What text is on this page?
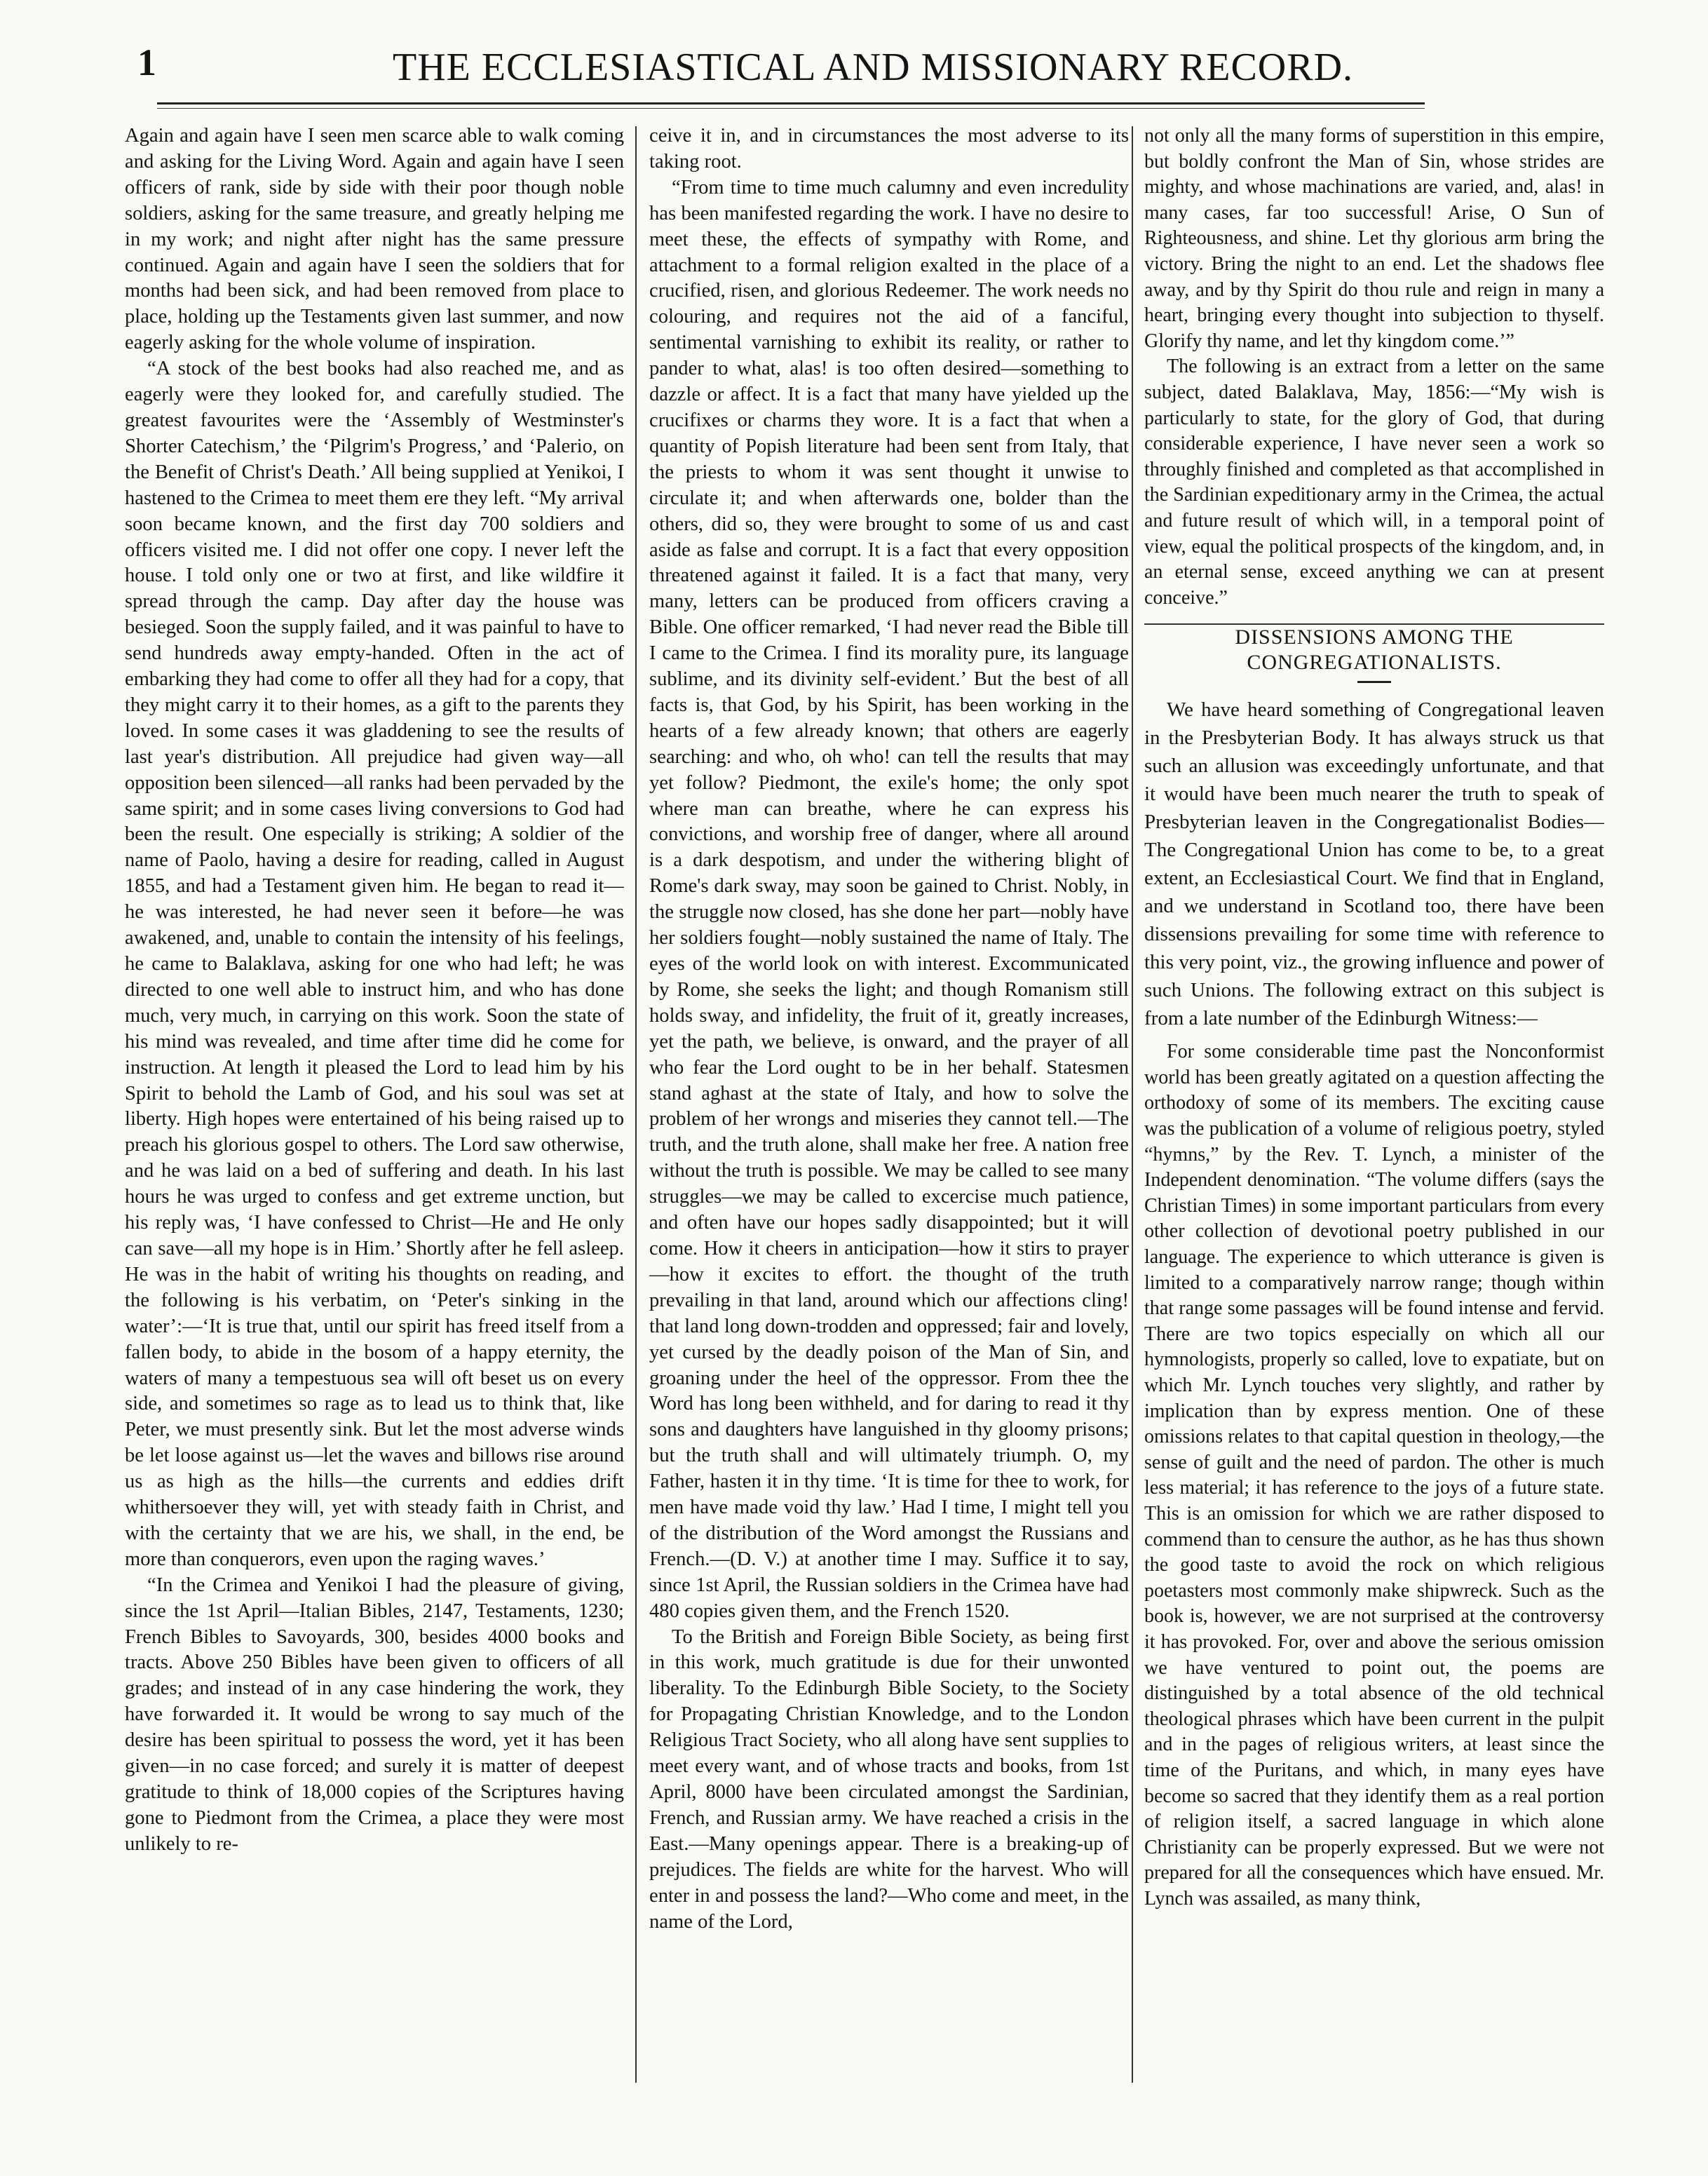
1	THE ECCLESIASTICAL AND MISSIONARY RECORD.

Again and again have I seen men scarce able to walk coming and asking for the Living Word. Again and again have I seen officers of rank, side by side with their poor though noble soldiers, asking for the same treasure, and greatly helping me in my work; and night after night has the same pressure continued. Again and again have I seen the soldiers that for months had been sick, and had been removed from place to place, holding up the Testaments given last summer, and now eagerly asking for the whole volume of inspiration.

“A stock of the best books had also reached me, and as eagerly were they looked for, and carefully studied. The greatest favourites were the ‘Assembly of Westminster's Shorter Catechism,’ the ‘Pilgrim's Progress,’ and ‘Palerio, on the Benefit of Christ's Death.’ All being supplied at Yenikoi, I hastened to the Crimea to meet them ere they left. “My arrival soon became known, and the first day 700 soldiers and officers visited me. I did not offer one copy. I never left the house. I told only one or two at first, and like wildfire it spread through the camp. Day after day the house was besieged. Soon the supply failed, and it was painful to have to send hundreds away empty-handed. Often in the act of embarking they had come to offer all they had for a copy, that they might carry it to their homes, as a gift to the parents they loved. In some cases it was gladdening to see the results of last year's distribution. All prejudice had given way—all opposition been silenced—all ranks had been pervaded by the same spirit; and in some cases living conversions to God had been the result. One especially is striking; A soldier of the name of Paolo, having a desire for reading, called in August 1855, and had a Testament given him. He began to read it—he was interested, he had never seen it before—he was awakened, and, unable to contain the intensity of his feelings, he came to Balaklava, asking for one who had left; he was directed to one well able to instruct him, and who has done much, very much, in carrying on this work. Soon the state of his mind was revealed, and time after time did he come for instruction. At length it pleased the Lord to lead him by his Spirit to behold the Lamb of God, and his soul was set at liberty. High hopes were entertained of his being raised up to preach his glorious gospel to others. The Lord saw otherwise, and he was laid on a bed of suffering and death. In his last hours he was urged to confess and get extreme unction, but his reply was, ‘I have confessed to Christ—He and He only can save—all my hope is in Him.’ Shortly after he fell asleep. He was in the habit of writing his thoughts on reading, and the following is his verbatim, on ‘Peter's sinking in the water’:—‘It is true that, until our spirit has freed itself from a fallen body, to abide in the bosom of a happy eternity, the waters of many a tempestuous sea will oft beset us on every side, and sometimes so rage as to lead us to think that, like Peter, we must presently sink. But let the most adverse winds be let loose against us—let the waves and billows rise around us as high as the hills—the currents and eddies drift whithersoever they will, yet with steady faith in Christ, and with the certainty that we are his, we shall, in the end, be more than conquerors, even upon the raging waves.’

“In the Crimea and Yenikoi I had the pleasure of giving, since the 1st April—Italian Bibles, 2147, Testaments, 1230; French Bibles to Savoyards, 300, besides 4000 books and tracts. Above 250 Bibles have been given to officers of all grades; and instead of in any case hindering the work, they have forwarded it. It would be wrong to say much of the desire has been spiritual to possess the word, yet it has been given—in no case forced; and surely it is matter of deepest gratitude to think of 18,000 copies of the Scriptures having gone to Piedmont from the Crimea, a place they were most unlikely to re-

ceive it in, and in circumstances the most adverse to its taking root.

“From time to time much calumny and even incredulity has been manifested regarding the work. I have no desire to meet these, the effects of sympathy with Rome, and attachment to a formal religion exalted in the place of a crucified, risen, and glorious Redeemer. The work needs no colouring, and requires not the aid of a fanciful, sentimental varnishing to exhibit its reality, or rather to pander to what, alas! is too often desired—something to dazzle or affect. It is a fact that many have yielded up the crucifixes or charms they wore. It is a fact that when a quantity of Popish literature had been sent from Italy, that the priests to whom it was sent thought it unwise to circulate it; and when afterwards one, bolder than the others, did so, they were brought to some of us and cast aside as false and corrupt. It is a fact that every opposition threatened against it failed. It is a fact that many, very many, letters can be produced from officers craving a Bible. One officer remarked, ‘I had never read the Bible till I came to the Crimea. I find its morality pure, its language sublime, and its divinity self-evident.’ But the best of all facts is, that God, by his Spirit, has been working in the hearts of a few already known; that others are eagerly searching: and who, oh who! can tell the results that may yet follow? Piedmont, the exile's home; the only spot where man can breathe, where he can express his convictions, and worship free of danger, where all around is a dark despotism, and under the withering blight of Rome's dark sway, may soon be gained to Christ. Nobly, in the struggle now closed, has she done her part—nobly have her soldiers fought—nobly sustained the name of Italy. The eyes of the world look on with interest. Excommunicated by Rome, she seeks the light; and though Romanism still holds sway, and infidelity, the fruit of it, greatly increases, yet the path, we believe, is onward, and the prayer of all who fear the Lord ought to be in her behalf. Statesmen stand aghast at the state of Italy, and how to solve the problem of her wrongs and miseries they cannot tell.—The truth, and the truth alone, shall make her free. A nation free without the truth is possible. We may be called to see many struggles—we may be called to excercise much patience, and often have our hopes sadly disappointed; but it will come. How it cheers in anticipation—how it stirs to prayer—how it excites to effort. the thought of the truth prevailing in that land, around which our affections cling! that land long down-trodden and oppressed; fair and lovely, yet cursed by the deadly poison of the Man of Sin, and groaning under the heel of the oppressor. From thee the Word has long been withheld, and for daring to read it thy sons and daughters have languished in thy gloomy prisons; but the truth shall and will ultimately triumph. O, my Father, hasten it in thy time. ‘It is time for thee to work, for men have made void thy law.’ Had I time, I might tell you of the distribution of the Word amongst the Russians and French.—(D. V.) at another time I may. Suffice it to say, since 1st April, the Russian soldiers in the Crimea have had 480 copies given them, and the French 1520.

To the British and Foreign Bible Society, as being first in this work, much gratitude is due for their unwonted liberality. To the Edinburgh Bible Society, to the Society for Propagating Christian Knowledge, and to the London Religious Tract Society, who all along have sent supplies to meet every want, and of whose tracts and books, from 1st April, 8000 have been circulated amongst the Sardinian, French, and Russian army. We have reached a crisis in the East.—Many openings appear. There is a breaking-up of prejudices. The fields are white for the harvest. Who will enter in and possess the land?—Who come and meet, in the name of the Lord,

not only all the many forms of superstition in this empire, but boldly confront the Man of Sin, whose strides are mighty, and whose machinations are varied, and, alas! in many cases, far too successful! Arise, O Sun of Righteousness, and shine. Let thy glorious arm bring the victory. Bring the night to an end. Let the shadows flee away, and by thy Spirit do thou rule and reign in many a heart, bringing every thought into subjection to thyself. Glorify thy name, and let thy kingdom come.’”

The following is an extract from a letter on the same subject, dated Balaklava, May, 1856:—“My wish is particularly to state, for the glory of God, that during considerable experience, I have never seen a work so throughly finished and completed as that accomplished in the Sardinian expeditionary army in the Crimea, the actual and future result of which will, in a temporal point of view, equal the political prospects of the kingdom, and, in an eternal sense, exceed anything we can at present conceive.”

DISSENSIONS AMONG THE CONGREGATIONALISTS.

We have heard something of Congregational leaven in the Presbyterian Body. It has always struck us that such an allusion was exceedingly unfortunate, and that it would have been much nearer the truth to speak of Presbyterian leaven in the Congregationalist Bodies—The Congregational Union has come to be, to a great extent, an Ecclesiastical Court. We find that in England, and we understand in Scotland too, there have been dissensions prevailing for some time with reference to this very point, viz., the growing influence and power of such Unions. The following extract on this subject is from a late number of the Edinburgh Witness:—

For some considerable time past the Nonconformist world has been greatly agitated on a question affecting the orthodoxy of some of its members. The exciting cause was the publication of a volume of religious poetry, styled “hymns,” by the Rev. T. Lynch, a minister of the Independent denomination. “The volume differs (says the Christian Times) in some important particulars from every other collection of devotional poetry published in our language. The experience to which utterance is given is limited to a comparatively narrow range; though within that range some passages will be found intense and fervid. There are two topics especially on which all our hymnologists, properly so called, love to expatiate, but on which Mr. Lynch touches very slightly, and rather by implication than by express mention. One of these omissions relates to that capital question in theology,—the sense of guilt and the need of pardon. The other is much less material; it has reference to the joys of a future state. This is an omission for which we are rather disposed to commend than to censure the author, as he has thus shown the good taste to avoid the rock on which religious poetasters most commonly make shipwreck. Such as the book is, however, we are not surprised at the controversy it has provoked. For, over and above the serious omission we have ventured to point out, the poems are distinguished by a total absence of the old technical theological phrases which have been current in the pulpit and in the pages of religious writers, at least since the time of the Puritans, and which, in many eyes have become so sacred that they identify them as a real portion of religion itself, a sacred language in which alone Christianity can be properly expressed. But we were not prepared for all the consequences which have ensued. Mr. Lynch was assailed, as many think,
